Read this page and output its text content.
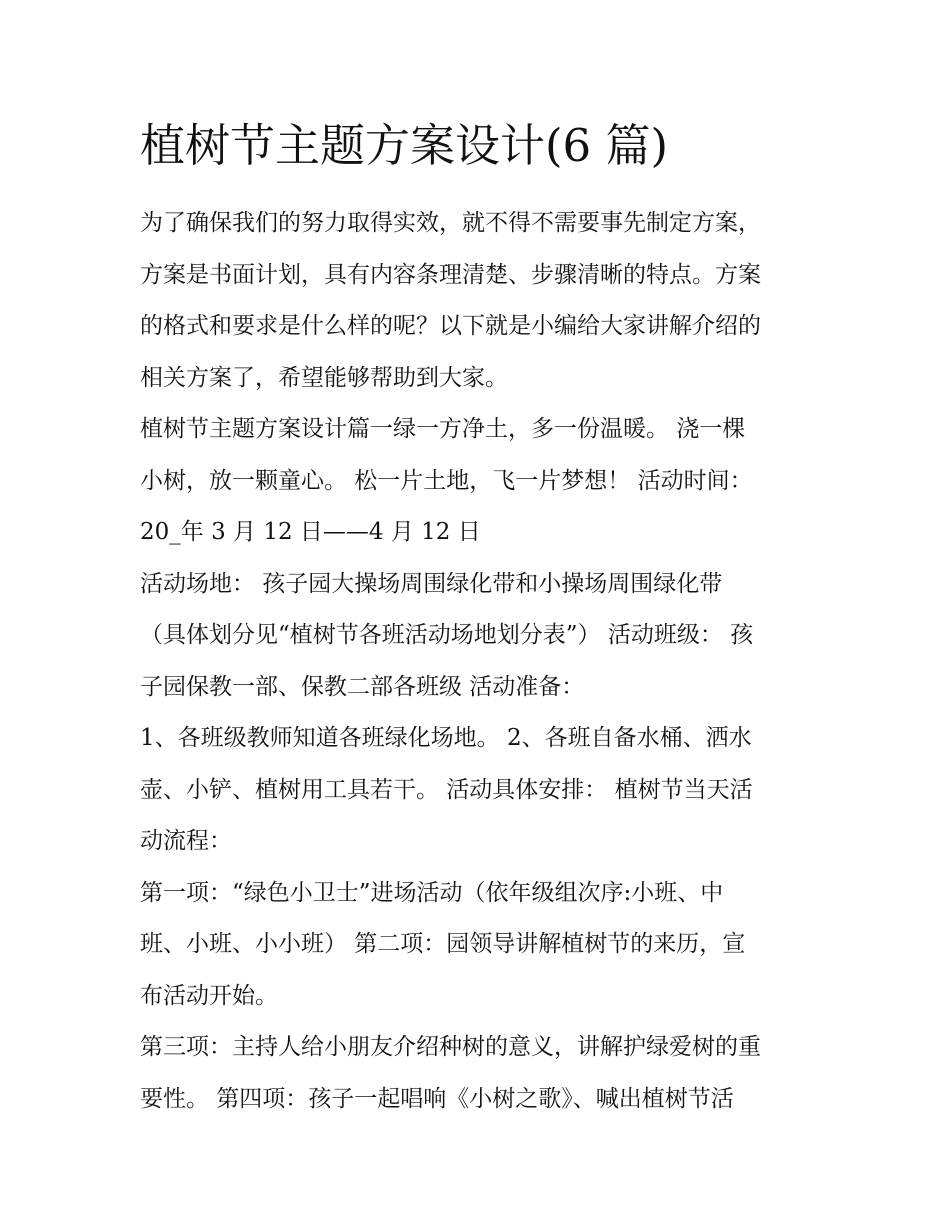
植树节主题方案设计(6 篇)
为了确保我们的努力取得实效，就不得不需要事先制定方案，
方案是书面计划，具有内容条理清楚、步骤清晰的特点。方案
的格式和要求是什么样的呢？以下就是小编给大家讲解介绍的
相关方案了，希望能够帮助到大家。
植树节主题方案设计篇一绿一方净土，多一份温暖。 浇一棵
小树，放一颗童心。 松一片土地，飞一片梦想！ 活动时间：
20_年 3 月 12 日——4 月 12 日
活动场地： 孩子园大操场周围绿化带和小操场周围绿化带
（具体划分见“植树节各班活动场地划分表”） 活动班级： 孩
子园保教一部、保教二部各班级 活动准备：
1、各班级教师知道各班绿化场地。 2、各班自备水桶、洒水
壶、小铲、植树用工具若干。 活动具体安排： 植树节当天活
动流程：
第一项：“绿色小卫士”进场活动（依年级组次序:小班、中
班、小班、小小班） 第二项：园领导讲解植树节的来历，宣
布活动开始。
第三项：主持人给小朋友介绍种树的意义，讲解护绿爱树的重
要性。 第四项：孩子一起唱响《小树之歌》、喊出植树节活
